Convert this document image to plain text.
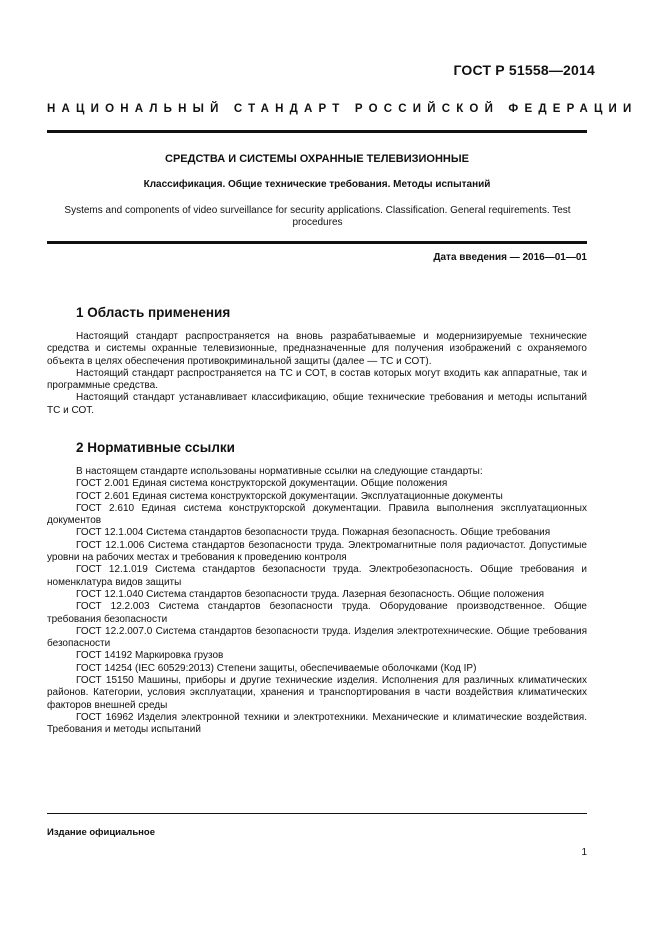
ГОСТ Р 51558—2014
НАЦИОНАЛЬНЫЙ СТАНДАРТ РОССИЙСКОЙ ФЕДЕРАЦИИ
СРЕДСТВА И СИСТЕМЫ ОХРАННЫЕ ТЕЛЕВИЗИОННЫЕ
Классификация. Общие технические требования. Методы испытаний
Systems and components of video surveillance for security applications. Classification. General requirements. Test procedures
Дата введения — 2016—01—01
1 Область применения

Настоящий стандарт распространяется на вновь разрабатываемые и модернизируемые технические средства и системы охранные телевизионные, предназначенные для получения изображений с охраняемого объекта в целях обеспечения противокриминальной защиты (далее — ТС и СОТ).

Настоящий стандарт распространяется на ТС и СОТ, в состав которых могут входить как аппаратные, так и программные средства.

Настоящий стандарт устанавливает классификацию, общие технические требования и методы испытаний ТС и СОТ.

2 Нормативные ссылки

В настоящем стандарте использованы нормативные ссылки на следующие стандарты:

ГОСТ 2.001 Единая система конструкторской документации. Общие положения

ГОСТ 2.601 Единая система конструкторской документации. Эксплуатационные документы

ГОСТ 2.610 Единая система конструкторской документации. Правила выполнения эксплуатационных документов

ГОСТ 12.1.004 Система стандартов безопасности труда. Пожарная безопасность. Общие требования

ГОСТ 12.1.006 Система стандартов безопасности труда. Электромагнитные поля радиочастот. Допустимые уровни на рабочих местах и требования к проведению контроля

ГОСТ 12.1.019 Система стандартов безопасности труда. Электробезопасность. Общие требования и номенклатура видов защиты

ГОСТ 12.1.040 Система стандартов безопасности труда. Лазерная безопасность. Общие положения

ГОСТ 12.2.003 Система стандартов безопасности труда. Оборудование производственное. Общие требования безопасности

ГОСТ 12.2.007.0 Система стандартов безопасности труда. Изделия электротехнические. Общие требования безопасности

ГОСТ 14192 Маркировка грузов

ГОСТ 14254 (IEC 60529:2013) Степени защиты, обеспечиваемые оболочками (Код IP)

ГОСТ 15150 Машины, приборы и другие технические изделия. Исполнения для различных климатических районов. Категории, условия эксплуатации, хранения и транспортирования в части воздействия климатических факторов внешней среды

ГОСТ 16962 Изделия электронной техники и электротехники. Механические и климатические воздействия. Требования и методы испытаний

Издание официальное
1
